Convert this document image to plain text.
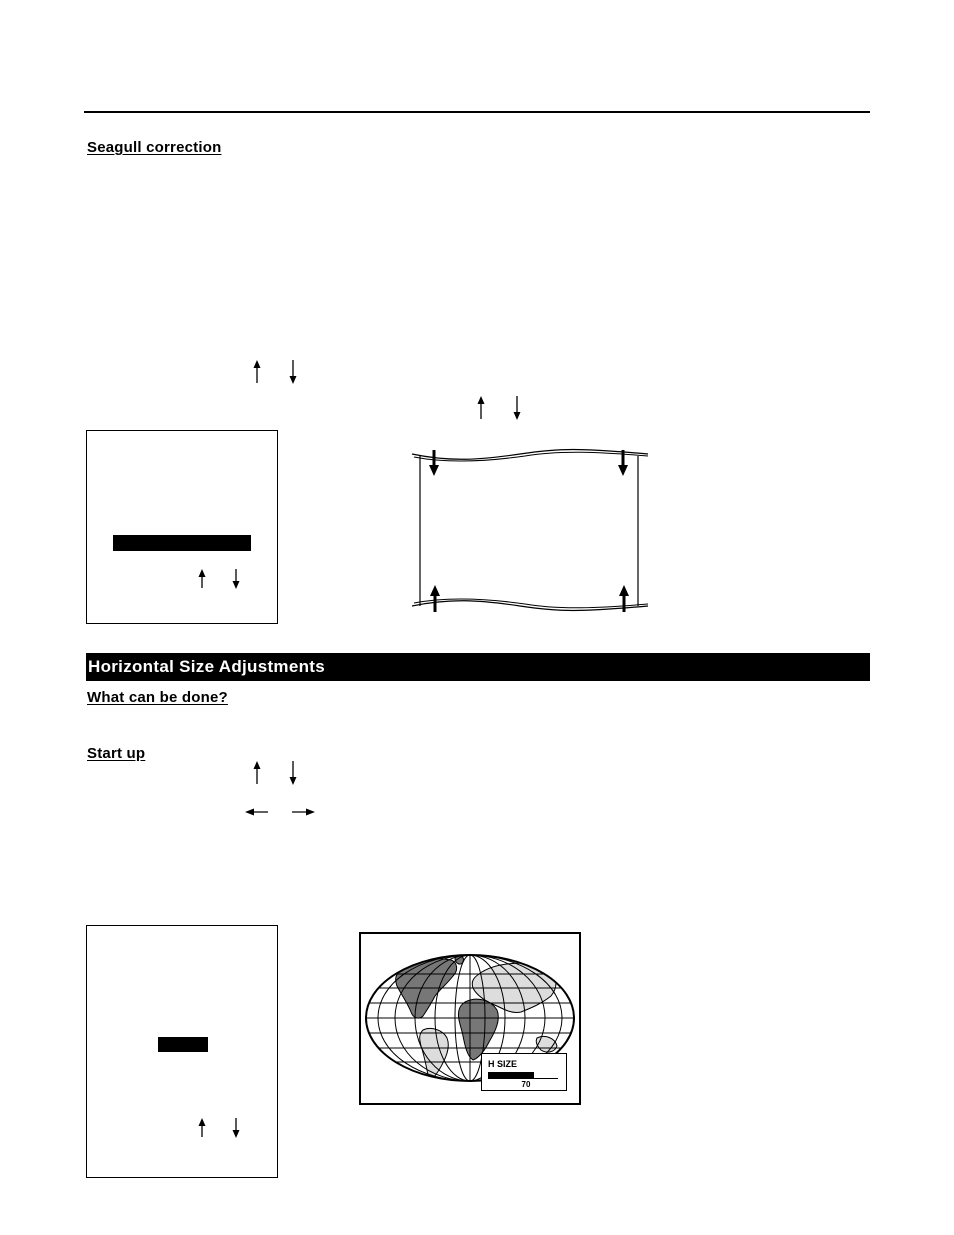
Seagull correction
Horizontal Size Adjustments
What can be done?
Start up
H SIZE
70
